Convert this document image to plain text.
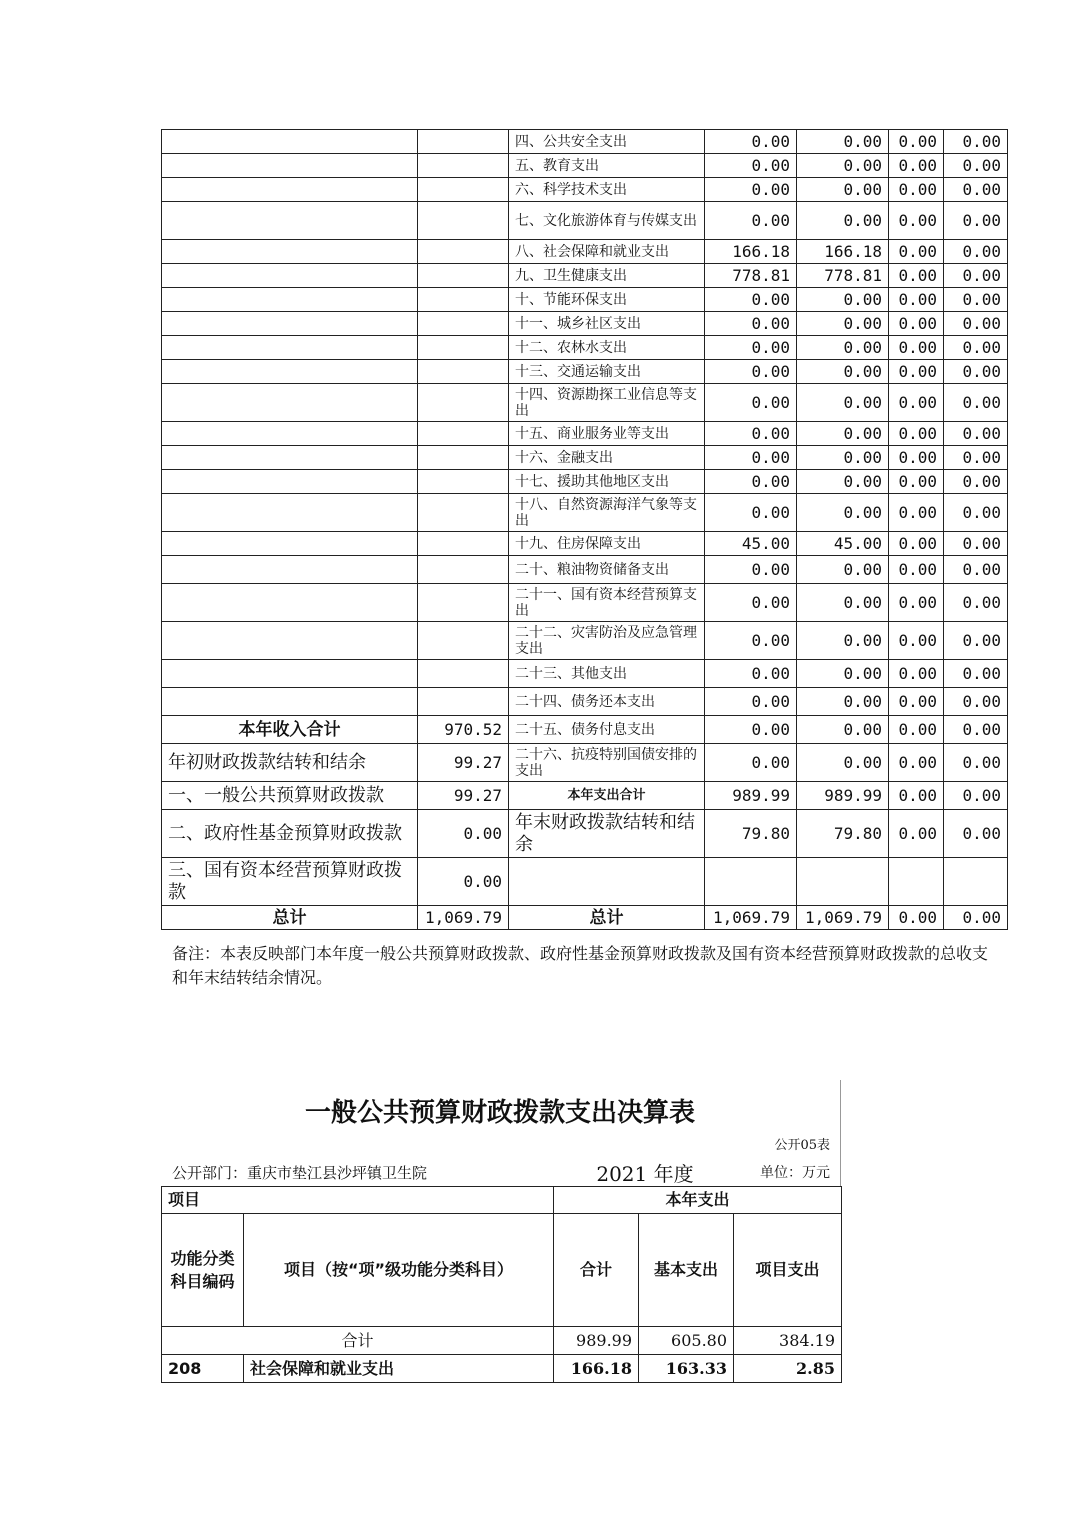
		四、公共安全支出	0.00	0.00	0.00	0.00
		五、教育支出	0.00	0.00	0.00	0.00
		六、科学技术支出	0.00	0.00	0.00	0.00
		七、文化旅游体育与传媒支出	0.00	0.00	0.00	0.00
		八、社会保障和就业支出	166.18	166.18	0.00	0.00
		九、卫生健康支出	778.81	778.81	0.00	0.00
		十、节能环保支出	0.00	0.00	0.00	0.00
		十一、城乡社区支出	0.00	0.00	0.00	0.00
		十二、农林水支出	0.00	0.00	0.00	0.00
		十三、交通运输支出	0.00	0.00	0.00	0.00
		十四、资源勘探工业信息等支出	0.00	0.00	0.00	0.00
		十五、商业服务业等支出	0.00	0.00	0.00	0.00
		十六、金融支出	0.00	0.00	0.00	0.00
		十七、援助其他地区支出	0.00	0.00	0.00	0.00
		十八、自然资源海洋气象等支出	0.00	0.00	0.00	0.00
		十九、住房保障支出	45.00	45.00	0.00	0.00
		二十、粮油物资储备支出	0.00	0.00	0.00	0.00
		二十一、国有资本经营预算支出	0.00	0.00	0.00	0.00
		二十二、灾害防治及应急管理支出	0.00	0.00	0.00	0.00
		二十三、其他支出	0.00	0.00	0.00	0.00
		二十四、债务还本支出	0.00	0.00	0.00	0.00
本年收入合计	970.52	二十五、债务付息支出	0.00	0.00	0.00	0.00
年初财政拨款结转和结余	99.27	二十六、抗疫特别国债安排的支出	0.00	0.00	0.00	0.00
一、一般公共预算财政拨款	99.27	本年支出合计	989.99	989.99	0.00	0.00
二、政府性基金预算财政拨款	0.00	年末财政拨款结转和结余	79.80	79.80	0.00	0.00
三、国有资本经营预算财政拨款	0.00					
总计	1,069.79	总计	1,069.79	1,069.79	0.00	0.00

备注：本表反映部门本年度一般公共预算财政拨款、政府性基金预算财政拨款及国有资本经营预算财政拨款的总收支和年末结转结余情况。

一般公共预算财政拨款支出决算表
公开05表
公开部门：重庆市垫江县沙坪镇卫生院	2021 年度	单位：万元
项目		本年支出		
功能分类科目编码	项目（按“项”级功能分类科目）	合计	基本支出	项目支出
合计		989.99	605.80	384.19
208	社会保障和就业支出	166.18	163.33	2.85
